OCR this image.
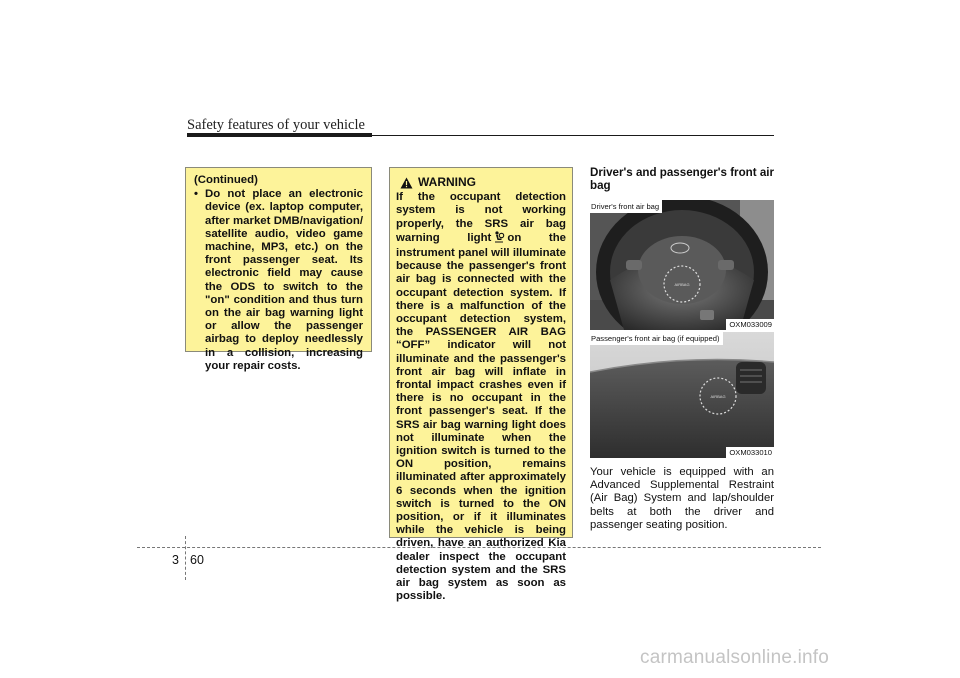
Safety features of your vehicle
(Continued)
• Do not place an electronic device (ex. laptop computer, after market DMB/navigation/ satellite audio, video game machine, MP3, etc.) on the front passenger seat. Its electronic field may cause the ODS to switch to the "on" condition and thus turn on the air bag warning light or allow the passenger airbag to deploy needlessly in a collision, increasing your repair costs.
WARNING
If the occupant detection system is not working properly, the SRS air bag warning light on the instrument panel will illuminate because the passenger's front air bag is connected with the occupant detection system. If there is a malfunction of the occupant detection system, the PASSENGER AIR BAG “OFF” indicator will not illuminate and the passenger's front air bag will inflate in frontal impact crashes even if there is no occupant in the front passenger's seat. If the SRS air bag warning light does not illuminate when the ignition switch is turned to the ON position, remains illuminated after approximately 6 seconds when the ignition switch is turned to the ON position, or if it illuminates while the vehicle is being driven, have an authorized Kia dealer inspect the occupant detection system and the SRS air bag system as soon as possible.
Driver's and passenger's front air bag
AIRBAG
Driver's front air bag
OXM033009
AIRBAG
Passenger's front air bag (if equipped)
OXM033010
Your vehicle is equipped with an Advanced Supplemental Restraint (Air Bag) System and lap/shoulder belts at both the driver and passenger seating position.
3 60
carmanualsonline.info
